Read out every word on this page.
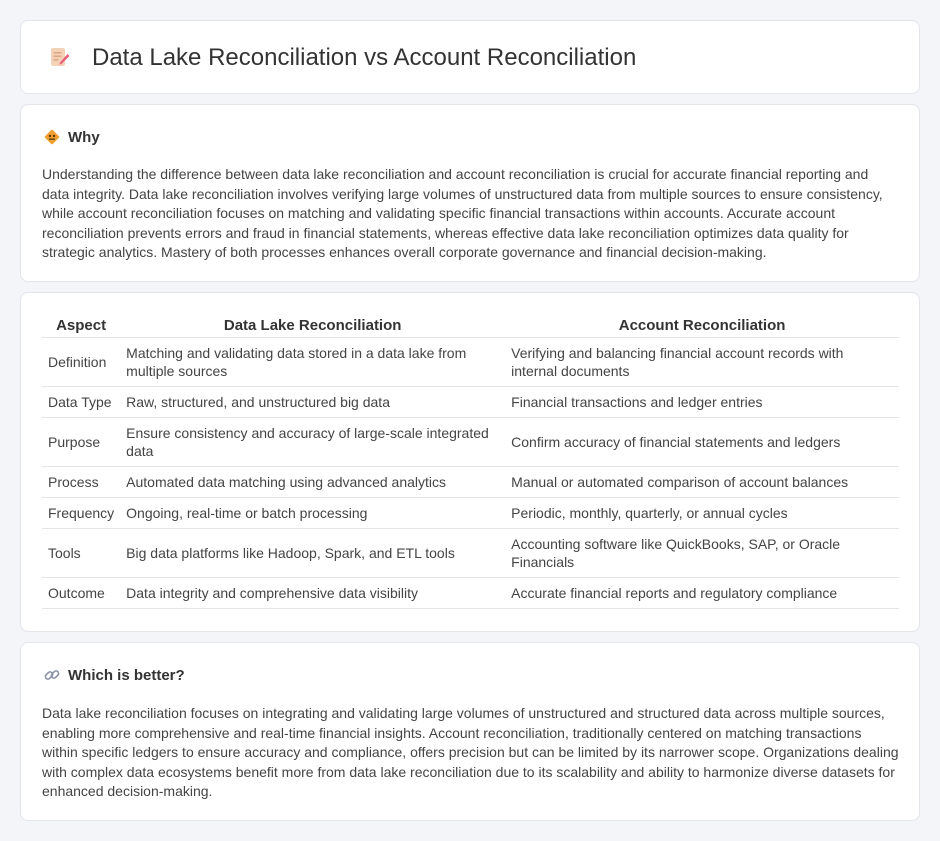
Data Lake Reconciliation vs Account Reconciliation
Why

Understanding the difference between data lake reconciliation and account reconciliation is crucial for accurate financial reporting and data integrity. Data lake reconciliation involves verifying large volumes of unstructured data from multiple sources to ensure consistency, while account reconciliation focuses on matching and validating specific financial transactions within accounts. Accurate account reconciliation prevents errors and fraud in financial statements, whereas effective data lake reconciliation optimizes data quality for strategic analytics. Mastery of both processes enhances overall corporate governance and financial decision-making.

Aspect	Data Lake Reconciliation	Account Reconciliation
Definition	Matching and validating data stored in a data lake from multiple sources	Verifying and balancing financial account records with internal documents
Data Type	Raw, structured, and unstructured big data	Financial transactions and ledger entries
Purpose	Ensure consistency and accuracy of large-scale integrated data	Confirm accuracy of financial statements and ledgers
Process	Automated data matching using advanced analytics	Manual or automated comparison of account balances
Frequency	Ongoing, real-time or batch processing	Periodic, monthly, quarterly, or annual cycles
Tools	Big data platforms like Hadoop, Spark, and ETL tools	Accounting software like QuickBooks, SAP, or Oracle Financials
Outcome	Data integrity and comprehensive data visibility	Accurate financial reports and regulatory compliance
Which is better?

Data lake reconciliation focuses on integrating and validating large volumes of unstructured and structured data across multiple sources, enabling more comprehensive and real-time financial insights. Account reconciliation, traditionally centered on matching transactions within specific ledgers to ensure accuracy and compliance, offers precision but can be limited by its narrower scope. Organizations dealing with complex data ecosystems benefit more from data lake reconciliation due to its scalability and ability to harmonize diverse datasets for enhanced decision-making.
